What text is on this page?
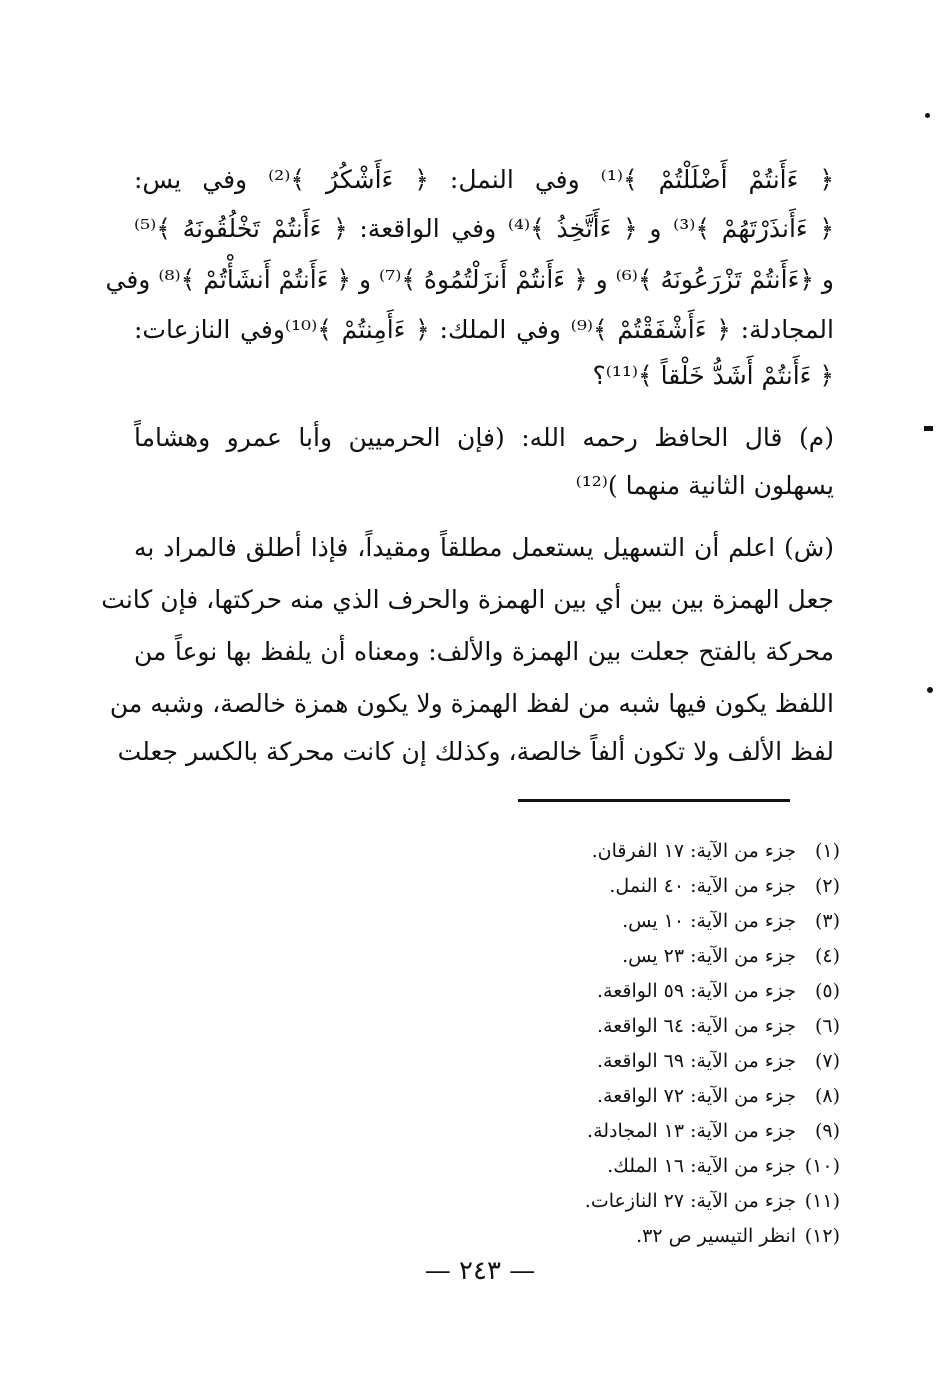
﴿ ءَأَنتُمْ أَضْلَلْتُمْ ﴾⁽¹⁾ وفي النمل: ﴿ ءَأَشْكُرُ ﴾⁽²⁾ وفي يس:
﴿ ءَأَنذَرْتَهُمْ ﴾⁽³⁾ و ﴿ ءَأَتَّخِذُ ﴾⁽⁴⁾ وفي الواقعة: ﴿ ءَأَنتُمْ تَخْلُقُونَهُ ﴾⁽⁵⁾
و ﴿ءَأَنتُمْ تَزْرَعُونَهُ ﴾⁽⁶⁾ و ﴿ ءَأَنتُمْ أَنزَلْتُمُوهُ ﴾⁽⁷⁾ و ﴿ ءَأَنتُمْ أَنشَأْتُمْ ﴾⁽⁸⁾ وفي
المجادلة: ﴿ ءَأَشْفَقْتُمْ ﴾⁽⁹⁾ وفي الملك: ﴿ ءَأَمِنتُمْ ﴾⁽¹⁰⁾وفي النازعات:
﴿ ءَأَنتُمْ أَشَدُّ خَلْقاً ﴾⁽¹¹⁾؟
(م) قال الحافظ رحمه الله: (فإن الحرميين وأبا عمرو وهشاماً
يسهلون الثانية منهما )⁽¹²⁾
(ش) اعلم أن التسهيل يستعمل مطلقاً ومقيداً، فإذا أطلق فالمراد به
جعل الهمزة بين بين أي بين الهمزة والحرف الذي منه حركتها، فإن كانت
محركة بالفتح جعلت بين الهمزة والألف: ومعناه أن يلفظ بها نوعاً من
اللفظ يكون فيها شبه من لفظ الهمزة ولا يكون همزة خالصة، وشبه من
لفظ الألف ولا تكون ألفاً خالصة، وكذلك إن كانت محركة بالكسر جعلت
(١)جزء من الآية: ١٧ الفرقان.
(٢)جزء من الآية: ٤٠ النمل.
(٣)جزء من الآية: ١٠ يس.
(٤)جزء من الآية: ٢٣ يس.
(٥)جزء من الآية: ٥٩ الواقعة.
(٦)جزء من الآية: ٦٤ الواقعة.
(٧)جزء من الآية: ٦٩ الواقعة.
(٨)جزء من الآية: ٧٢ الواقعة.
(٩)جزء من الآية: ١٣ المجادلة.
(١٠)جزء من الآية: ١٦ الملك.
(١١)جزء من الآية: ٢٧ النازعات.
(١٢)انظر التيسير ص ٣٢.
— ٢٤٣ —
